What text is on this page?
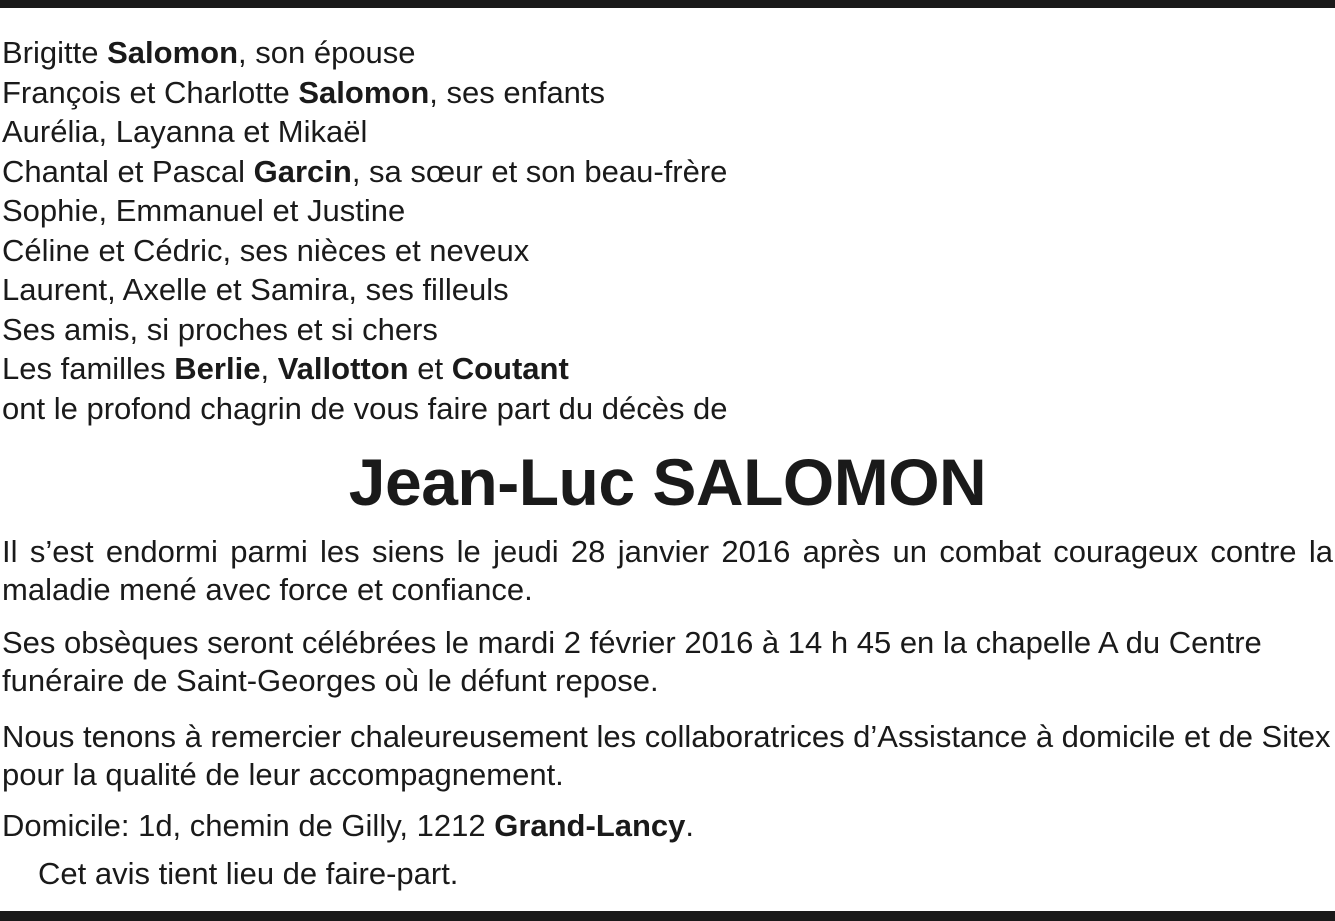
Brigitte Salomon, son épouse
François et Charlotte Salomon, ses enfants
Aurélia, Layanna et Mikaël
Chantal et Pascal Garcin, sa sœur et son beau-frère
Sophie, Emmanuel et Justine
Céline et Cédric, ses nièces et neveux
Laurent, Axelle et Samira, ses filleuls
Ses amis, si proches et si chers
Les familles Berlie, Vallotton et Coutant
ont le profond chagrin de vous faire part du décès de
Jean-Luc SALOMON
Il s’est endormi parmi les siens le jeudi 28 janvier 2016 après un combat courageux contre la maladie mené avec force et confiance.
Ses obsèques seront célébrées le mardi 2 février 2016 à 14 h 45 en la chapelle A du Centre funéraire de Saint-Georges où le défunt repose.
Nous tenons à remercier chaleureusement les collaboratrices d’Assistance à domicile et de Sitex pour la qualité de leur accompagnement.
Domicile: 1d, chemin de Gilly, 1212 Grand-Lancy.
Cet avis tient lieu de faire-part.
